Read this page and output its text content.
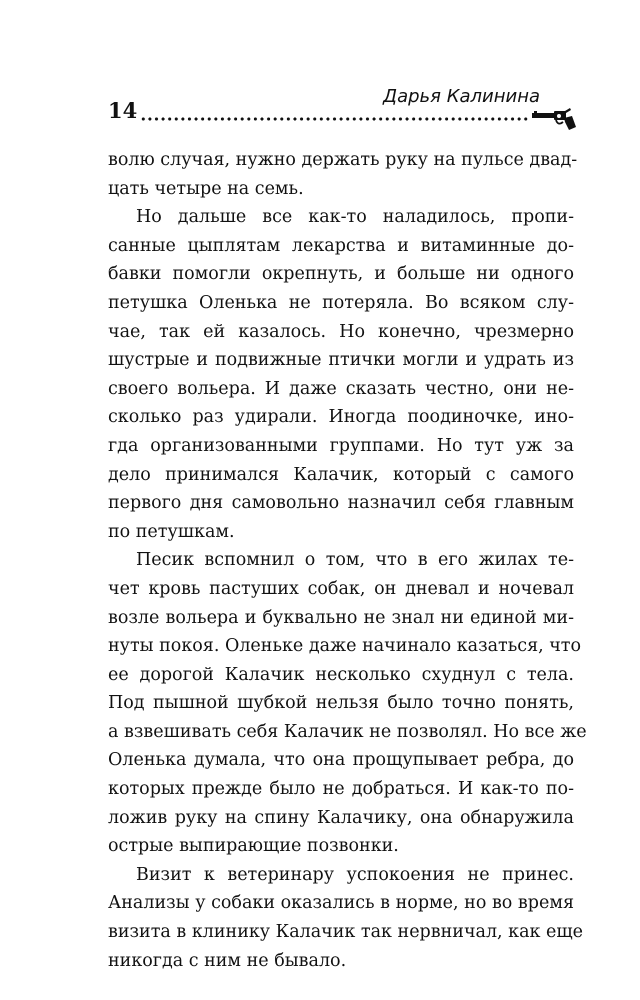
14
Дарья Калинина
волю случая, нужно держать руку на пульсе двад-
цать четыре на семь.
Но дальше все как-то наладилось, пропи-
санные цыплятам лекарства и витаминные до-
бавки помогли окрепнуть, и больше ни одного
петушка Оленька не потеряла. Во всяком слу-
чае, так ей казалось. Но конечно, чрезмерно
шустрые и подвижные птички могли и удрать из
своего вольера. И даже сказать честно, они не-
сколько раз удирали. Иногда поодиночке, ино-
гда организованными группами. Но тут уж за
дело принимался Калачик, который с самого
первого дня самовольно назначил себя главным
по петушкам.
Песик вспомнил о том, что в его жилах те-
чет кровь пастуших собак, он дневал и ночевал
возле вольера и буквально не знал ни единой ми-
нуты покоя. Оленьке даже начинало казаться, что
ее дорогой Калачик несколько схуднул с тела.
Под пышной шубкой нельзя было точно понять,
а взвешивать себя Калачик не позволял. Но все же
Оленька думала, что она прощупывает ребра, до
которых прежде было не добраться. И как-то по-
ложив руку на спину Калачику, она обнаружила
острые выпирающие позвонки.
Визит к ветеринару успокоения не принес.
Анализы у собаки оказались в норме, но во время
визита в клинику Калачик так нервничал, как еще
никогда с ним не бывало.
